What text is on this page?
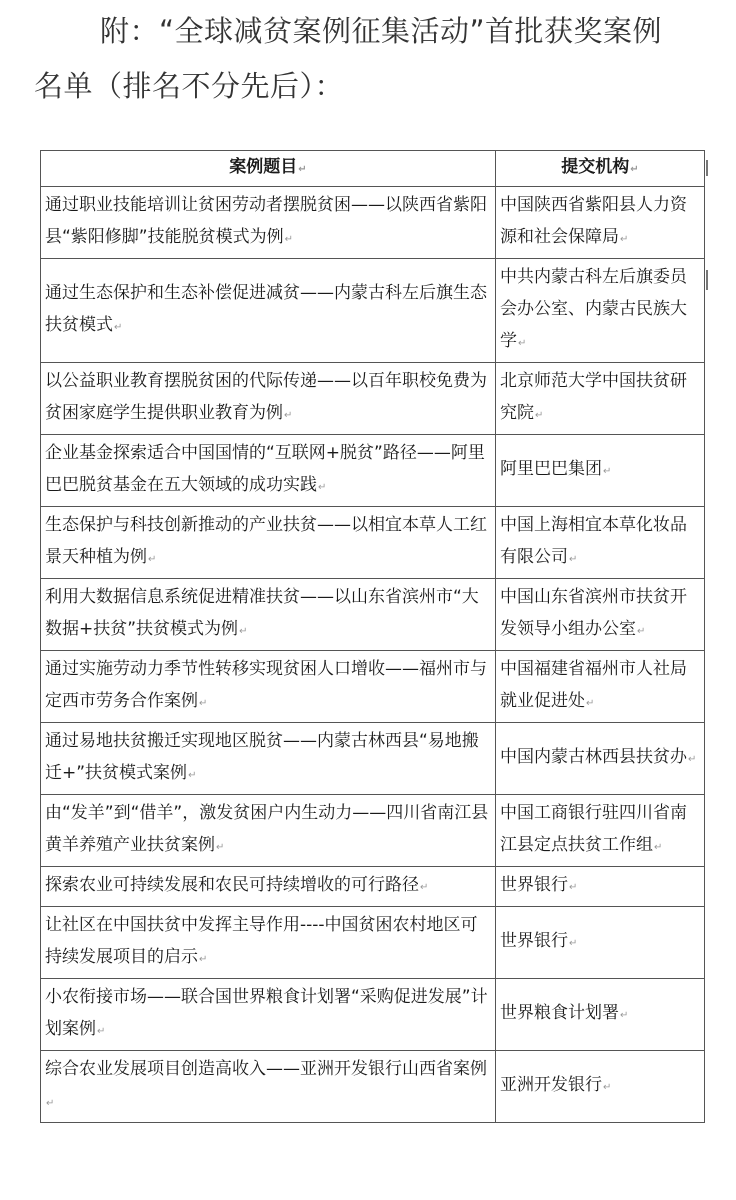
附：“全球减贫案例征集活动”首批获奖案例
名单（排名不分先后）：
案例题目↵	提交机构↵
通过职业技能培训让贫困劳动者摆脱贫困——以陕西省紫阳县“紫阳修脚”技能脱贫模式为例↵	中国陕西省紫阳县人力资源和社会保障局↵
通过生态保护和生态补偿促进减贫——内蒙古科左后旗生态扶贫模式↵	中共内蒙古科左后旗委员会办公室、内蒙古民族大学↵
以公益职业教育摆脱贫困的代际传递——以百年职校免费为贫困家庭学生提供职业教育为例↵	北京师范大学中国扶贫研究院↵
企业基金探索适合中国国情的“互联网+脱贫”路径——阿里巴巴脱贫基金在五大领域的成功实践↵	阿里巴巴集团↵
生态保护与科技创新推动的产业扶贫——以相宜本草人工红景天种植为例↵	中国上海相宜本草化妆品有限公司↵
利用大数据信息系统促进精准扶贫——以山东省滨州市“大数据+扶贫”扶贫模式为例↵	中国山东省滨州市扶贫开发领导小组办公室↵
通过实施劳动力季节性转移实现贫困人口增收——福州市与定西市劳务合作案例↵	中国福建省福州市人社局就业促进处↵
通过易地扶贫搬迁实现地区脱贫——内蒙古林西县“易地搬迁+”扶贫模式案例↵	中国内蒙古林西县扶贫办↵
由“发羊”到“借羊”，激发贫困户内生动力——四川省南江县黄羊养殖产业扶贫案例↵	中国工商银行驻四川省南江县定点扶贫工作组↵
探索农业可持续发展和农民可持续增收的可行路径↵	世界银行↵
让社区在中国扶贫中发挥主导作用----中国贫困农村地区可持续发展项目的启示↵	世界银行↵
小农衔接市场——联合国世界粮食计划署“采购促进发展”计划案例↵	世界粮食计划署↵
综合农业发展项目创造高收入——亚洲开发银行山西省案例↵	亚洲开发银行↵
